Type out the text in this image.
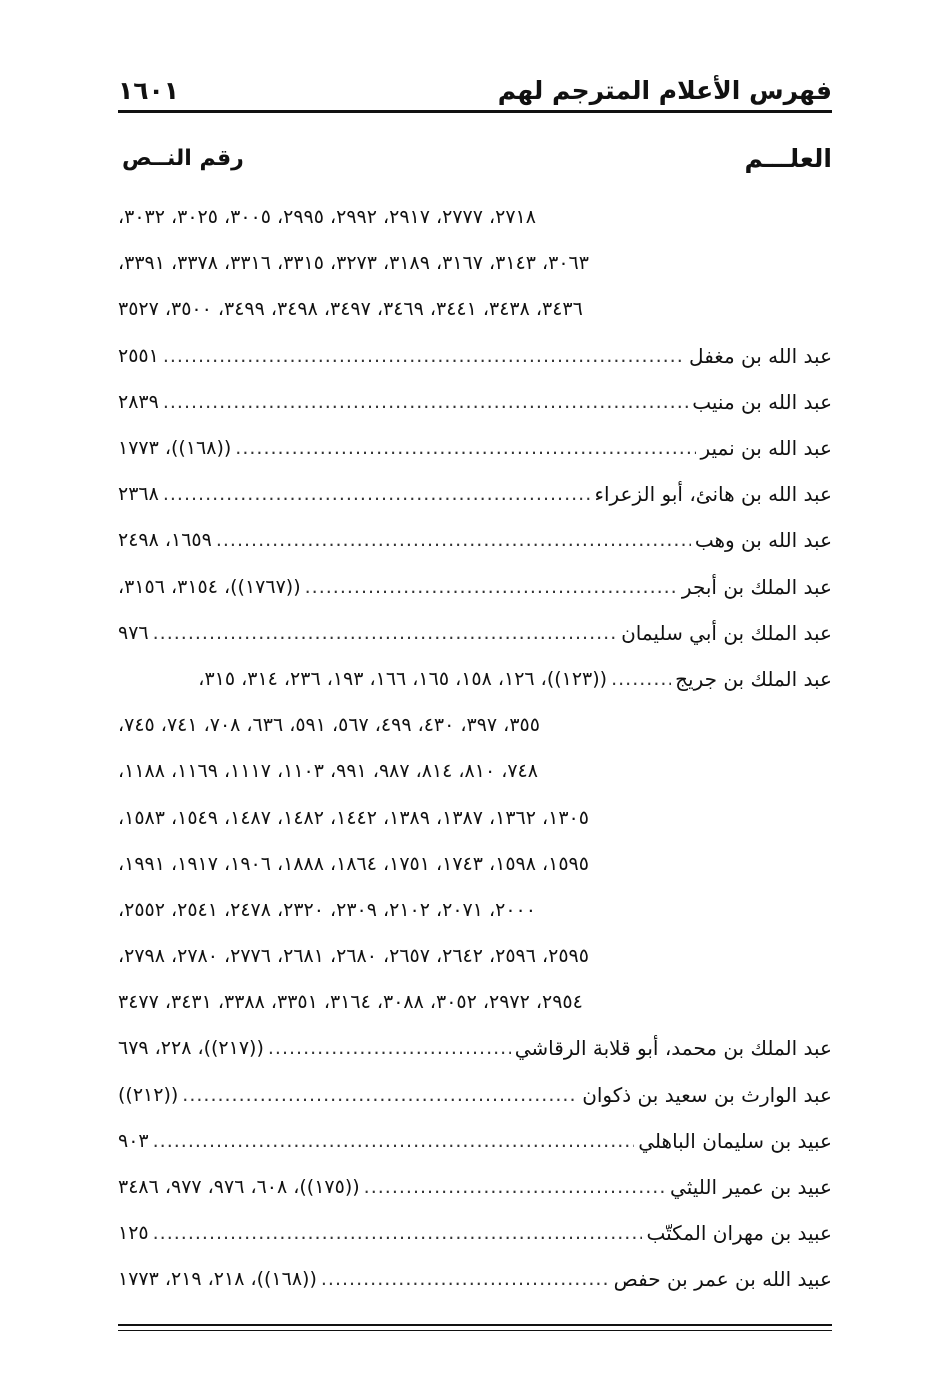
فهرس الأعلام المترجم لهم
١٦٠١
العلـــم
رقم النــص
٢٧١٨، ٢٧٧٧، ٢٩١٧، ٢٩٩٢، ٢٩٩٥، ٣٠٠٥، ٣٠٢٥، ٣٠٣٢،
٣٠٦٣، ٣١٤٣، ٣١٦٧، ٣١٨٩، ٣٢٧٣، ٣٣١٥، ٣٣١٦، ٣٣٧٨، ٣٣٩١،
٣٤٣٦، ٣٤٣٨، ٣٤٤١، ٣٤٦٩، ٣٤٩٧، ٣٤٩٨، ٣٤٩٩، ٣٥٠٠، ٣٥٢٧
عبد الله بن مغفل
.....
٢٥٥١
عبد الله بن منيب
.....
٢٨٣٩
عبد الله بن نمير
.....
((١٦٨))، ١٧٧٣
عبد الله بن هانئ، أبو الزعراء
.....
٢٣٦٨
عبد الله بن وهب
.....
١٦٥٩، ٢٤٩٨
عبد الملك بن أبجر
.....
((١٧٦٧))، ٣١٥٤، ٣١٥٦،
عبد الملك بن أبي سليمان
.....
٩٧٦
عبد الملك بن جريج
.....
((١٢٣))، ١٢٦، ١٥٨، ١٦٥، ١٦٦، ١٩٣، ٢٣٦، ٣١٤، ٣١٥،
٣٥٥، ٣٩٧، ٤٣٠، ٤٩٩، ٥٦٧، ٥٩١، ٦٣٦، ٧٠٨، ٧٤١، ٧٤٥،
٧٤٨، ٨١٠، ٨١٤، ٩٨٧، ٩٩١، ١١٠٣، ١١١٧، ١١٦٩، ١١٨٨،
١٣٠٥، ١٣٦٢، ١٣٨٧، ١٣٨٩، ١٤٤٢، ١٤٨٢، ١٤٨٧، ١٥٤٩، ١٥٨٣،
١٥٩٥، ١٥٩٨، ١٧٤٣، ١٧٥١، ١٨٦٤، ١٨٨٨، ١٩٠٦، ١٩١٧، ١٩٩١،
٢٠٠٠، ٢٠٧١، ٢١٠٢، ٢٣٠٩، ٢٣٢٠، ٢٤٧٨، ٢٥٤١، ٢٥٥٢،
٢٥٩٥، ٢٥٩٦، ٢٦٤٢، ٢٦٥٧، ٢٦٨٠، ٢٦٨١، ٢٧٧٦، ٢٧٨٠، ٢٧٩٨،
٢٩٥٤، ٢٩٧٢، ٣٠٥٢، ٣٠٨٨، ٣١٦٤، ٣٣٥١، ٣٣٨٨، ٣٤٣١، ٣٤٧٧
عبد الملك بن محمد، أبو قلابة الرقاشي
.....
((٢١٧))، ٢٢٨، ٦٧٩
عبد الوارث بن سعيد بن ذكوان
.....
((٢١٢))
عبيد بن سليمان الباهلي
.....
٩٠٣
عبيد بن عمير الليثي
.....
((١٧٥))، ٦٠٨، ٩٧٦، ٩٧٧، ٣٤٨٦
عبيد بن مهران المكتّب
.....
١٢٥
عبيد الله بن عمر بن حفص
.....
((١٦٨))، ٢١٨، ٢١٩، ١٧٧٣
